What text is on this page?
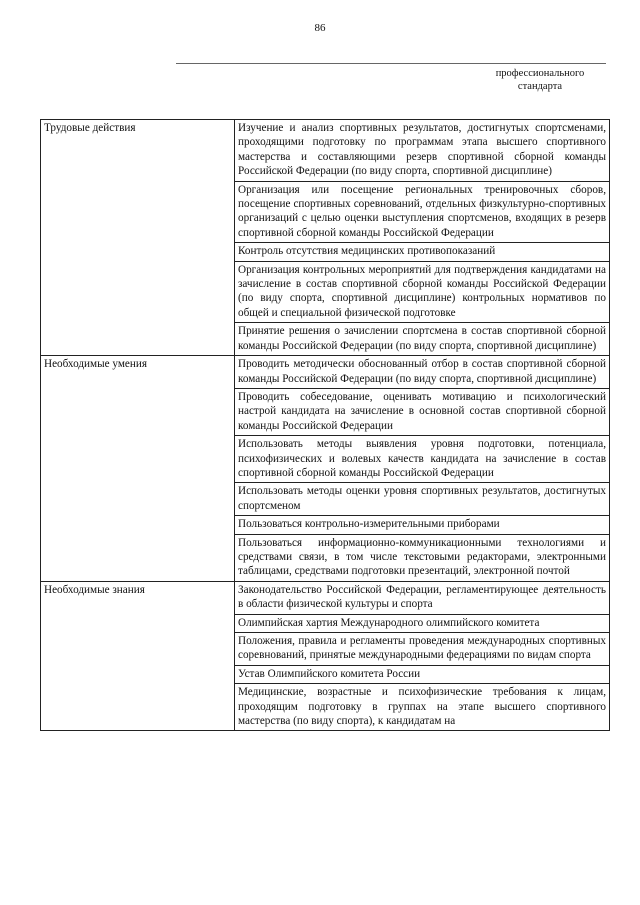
86
профессионального
стандарта
Трудовые действия	Изучение и анализ спортивных результатов, достигнутых спортсменами, проходящими подготовку по программам этапа высшего спортивного мастерства и составляющими резерв спортивной сборной команды Российской Федерации (по виду спорта, спортивной дисциплине)
	Организация или посещение региональных тренировочных сборов, посещение спортивных соревнований, отдельных физкультурно-спортивных организаций с целью оценки выступления спортсменов, входящих в резерв спортивной сборной команды Российской Федерации
	Контроль отсутствия медицинских противопоказаний
	Организация контрольных мероприятий для подтверждения кандидатами на зачисление в состав спортивной сборной команды Российской Федерации (по виду спорта, спортивной дисциплине) контрольных нормативов по общей и специальной физической подготовке
	Принятие решения о зачислении спортсмена в состав спортивной сборной команды Российской Федерации (по виду спорта, спортивной дисциплине)
Необходимые умения	Проводить методически обоснованный отбор в состав спортивной сборной команды Российской Федерации (по виду спорта, спортивной дисциплине)
	Проводить собеседование, оценивать мотивацию и психологический настрой кандидата на зачисление в основной состав спортивной сборной команды Российской Федерации
	Использовать методы выявления уровня подготовки, потенциала, психофизических и волевых качеств кандидата на зачисление в состав спортивной сборной команды Российской Федерации
	Использовать методы оценки уровня спортивных результатов, достигнутых спортсменом
	Пользоваться контрольно-измерительными приборами
	Пользоваться информационно-коммуникационными технологиями и средствами связи, в том числе текстовыми редакторами, электронными таблицами, средствами подготовки презентаций, электронной почтой
Необходимые знания	Законодательство Российской Федерации, регламентирующее деятельность в области физической культуры и спорта
	Олимпийская хартия Международного олимпийского комитета
	Положения, правила и регламенты проведения международных спортивных соревнований, принятые международными федерациями по видам спорта
	Устав Олимпийского комитета России
	Медицинские, возрастные и психофизические требования к лицам, проходящим подготовку в группах на этапе высшего спортивного мастерства (по виду спорта), к кандидатам на
